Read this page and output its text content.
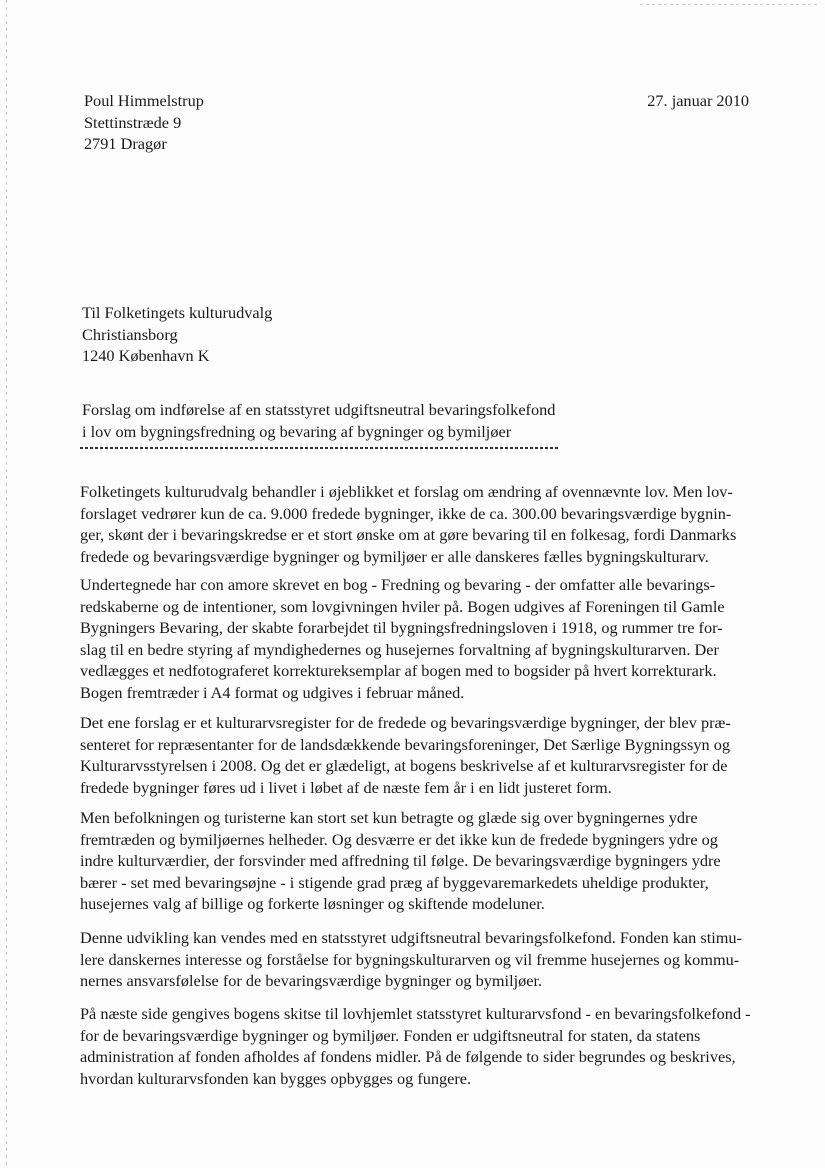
Poul Himmelstrup
Stettinstræde 9
2791 Dragør
27. januar 2010
Til Folketingets kulturudvalg
Christiansborg
1240 København K
Forslag om indførelse af en statsstyret udgiftsneutral bevaringsfolkefond
i lov om bygningsfredning og bevaring af bygninger og bymiljøer
Folketingets kulturudvalg behandler i øjeblikket et forslag om ændring af ovennævnte lov. Men lov-
forslaget vedrører kun de ca. 9.000 fredede bygninger, ikke de ca. 300.00 bevaringsværdige bygnin-
ger, skønt der i bevaringskredse er et stort ønske om at gøre bevaring til en folkesag, fordi Danmarks
fredede og bevaringsværdige bygninger og bymiljøer er alle danskeres fælles bygningskulturarv.
Undertegnede har con amore skrevet en bog - Fredning og bevaring - der omfatter alle bevarings-
redskaberne og de intentioner, som lovgivningen hviler på. Bogen udgives af Foreningen til Gamle
Bygningers Bevaring, der skabte forarbejdet til bygningsfredningsloven i 1918, og rummer tre for-
slag til en bedre styring af myndighedernes og husejernes forvaltning af bygningskulturarven. Der
vedlægges et nedfotograferet korrektureksemplar af bogen med to bogsider på hvert korrekturark.
Bogen fremtræder i A4 format og udgives i februar måned.
Det ene forslag er et kulturarvsregister for de fredede og bevaringsværdige bygninger, der blev præ-
senteret for repræsentanter for de landsdækkende bevaringsforeninger, Det Særlige Bygningssyn og
Kulturarvsstyrelsen i 2008. Og det er glædeligt, at bogens beskrivelse af et kulturarvsregister for de
fredede bygninger føres ud i livet i løbet af de næste fem år i en lidt justeret form.
Men befolkningen og turisterne kan stort set kun betragte og glæde sig over bygningernes ydre
fremtræden og bymiljøernes helheder. Og desværre er det ikke kun de fredede bygningers ydre og
indre kulturværdier, der forsvinder med affredning til følge. De bevaringsværdige bygningers ydre
bærer - set med bevaringsøjne - i stigende grad præg af byggevaremarkedets uheldige produkter,
husejernes valg af billige og forkerte løsninger og skiftende modeluner.
Denne udvikling kan vendes med en statsstyret udgiftsneutral bevaringsfolkefond. Fonden kan stimu-
lere danskernes interesse og forståelse for bygningskulturarven og vil fremme husejernes og kommu-
nernes ansvarsfølelse for de bevaringsværdige bygninger og bymiljøer.
På næste side gengives bogens skitse til lovhjemlet statsstyret kulturarvsfond - en bevaringsfolkefond -
for de bevaringsværdige bygninger og bymiljøer. Fonden er udgiftsneutral for staten, da statens
administration af fonden afholdes af fondens midler. På de følgende to sider begrundes og beskrives,
hvordan kulturarvsfonden kan bygges opbygges og fungere.
